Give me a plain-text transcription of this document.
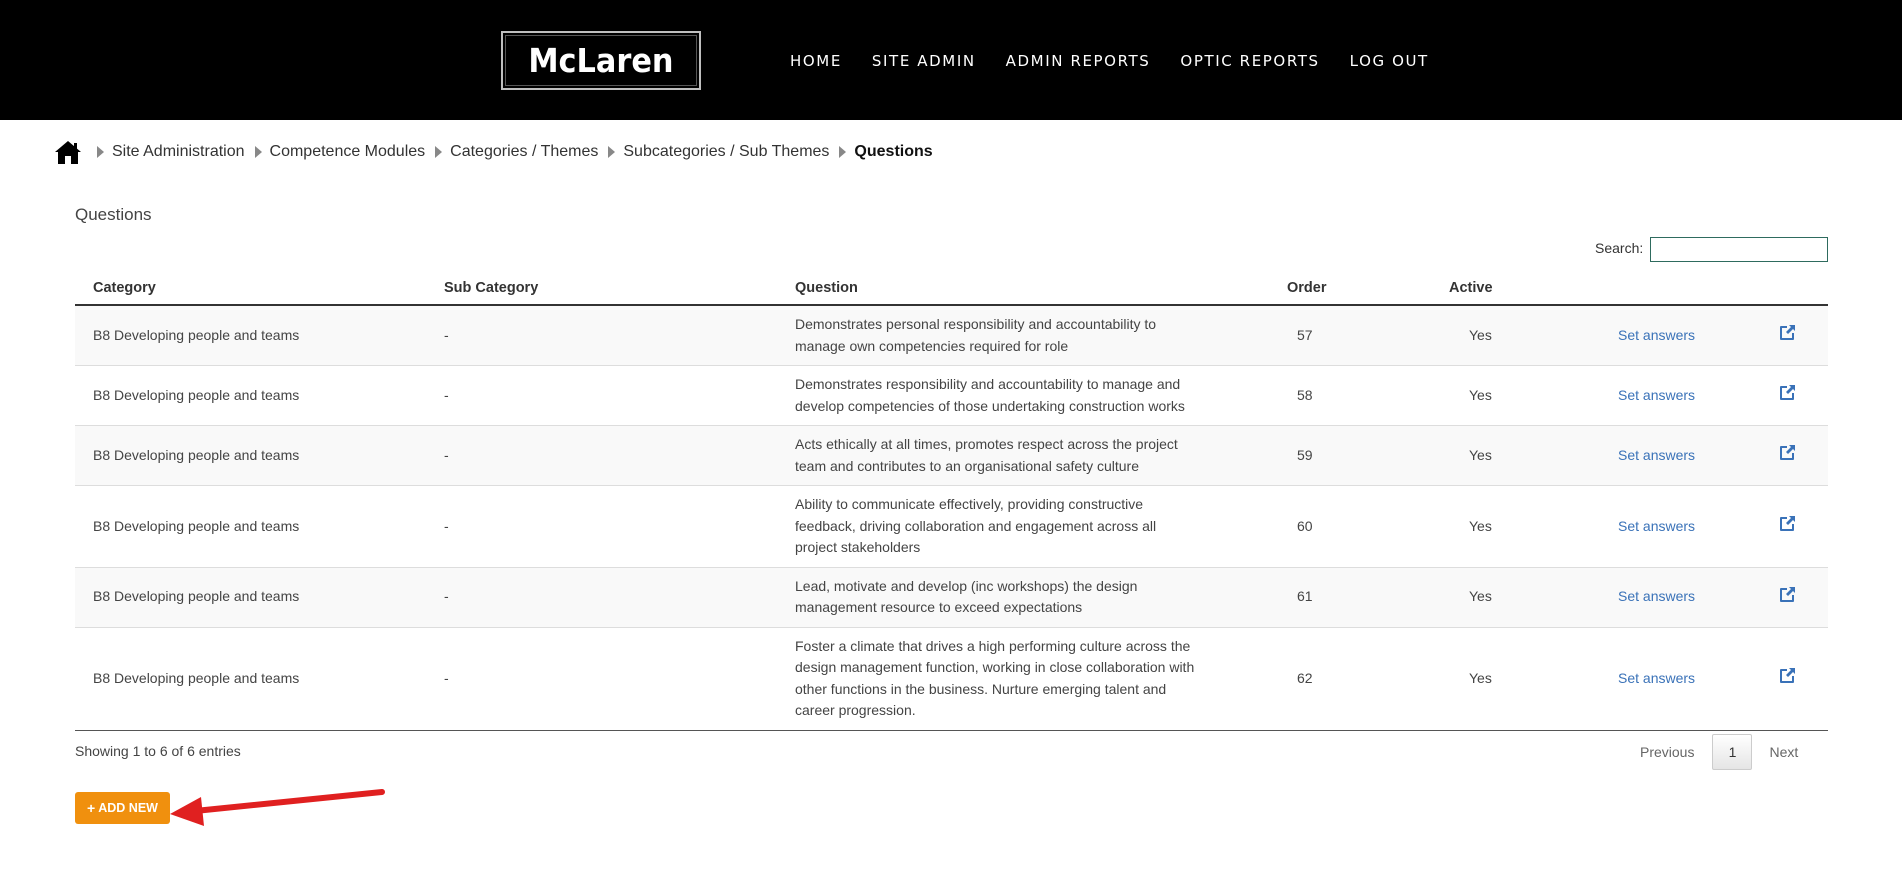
McLaren	HOME SITE ADMIN ADMIN REPORTS OPTIC REPORTS LOG OUT
Site Administration Competence Modules Categories / Themes Subcategories / Sub Themes Questions
Questions
Search:
Category	Sub Category	Question	Order	Active		
B8 Developing people and teams	-	Demonstrates personal responsibility and accountability to manage own competencies required for role	57	Yes	Set answers	
B8 Developing people and teams	-	Demonstrates responsibility and accountability to manage and develop competencies of those undertaking construction works	58	Yes	Set answers	
B8 Developing people and teams	-	Acts ethically at all times, promotes respect across the project team and contributes to an organisational safety culture	59	Yes	Set answers	
B8 Developing people and teams	-	Ability to communicate effectively, providing constructive feedback, driving collaboration and engagement across all project stakeholders	60	Yes	Set answers	
B8 Developing people and teams	-	Lead, motivate and develop (inc workshops) the design management resource to exceed expectations	61	Yes	Set answers	
B8 Developing people and teams	-	Foster a climate that drives a high performing culture across the design management function, working in close collaboration with other functions in the business. Nurture emerging talent and career progression.	62	Yes	Set answers	
Showing 1 to 6 of 6 entries	Previous	1	Next
+ ADD NEW
